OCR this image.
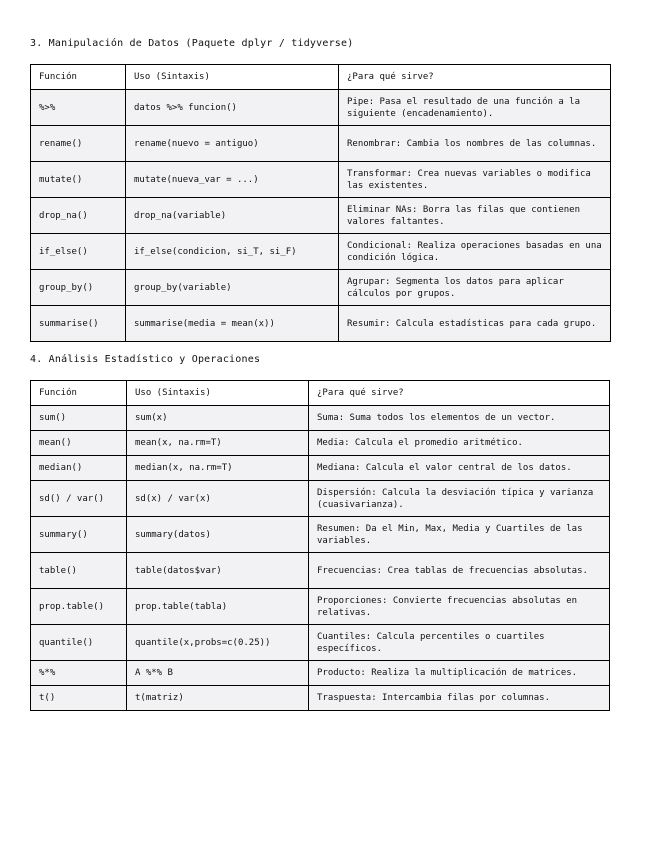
3. Manipulación de Datos (Paquete dplyr / tidyverse)
Función	Uso (Sintaxis)	¿Para qué sirve?
%>%	datos %>% funcion()	Pipe: Pasa el resultado de una función a la siguiente (encadenamiento).
rename()	rename(nuevo = antiguo)	Renombrar: Cambia los nombres de las columnas.
mutate()	mutate(nueva_var = ...)	Transformar: Crea nuevas variables o modifica las existentes.
drop_na()	drop_na(variable)	Eliminar NAs: Borra las filas que contienen valores faltantes.
if_else()	if_else(condicion, si_T, si_F)	Condicional: Realiza operaciones basadas en una condición lógica.
group_by()	group_by(variable)	Agrupar: Segmenta los datos para aplicar cálculos por grupos.
summarise()	summarise(media = mean(x))	Resumir: Calcula estadísticas para cada grupo.
4. Análisis Estadístico y Operaciones
Función	Uso (Sintaxis)	¿Para qué sirve?
sum()	sum(x)	Suma: Suma todos los elementos de un vector.
mean()	mean(x, na.rm=T)	Media: Calcula el promedio aritmético.
median()	median(x, na.rm=T)	Mediana: Calcula el valor central de los datos.
sd() / var()	sd(x) / var(x)	Dispersión: Calcula la desviación típica y varianza (cuasivarianza).
summary()	summary(datos)	Resumen: Da el Min, Max, Media y Cuartiles de las variables.
table()	table(datos$var)	Frecuencias: Crea tablas de frecuencias absolutas.
prop.table()	prop.table(tabla)	Proporciones: Convierte frecuencias absolutas en relativas.
quantile()	quantile(x,probs=c(0.25))	Cuantiles: Calcula percentiles o cuartiles específicos.
%*%	A %*% B	Producto: Realiza la multiplicación de matrices.
t()	t(matriz)	Traspuesta: Intercambia filas por columnas.
